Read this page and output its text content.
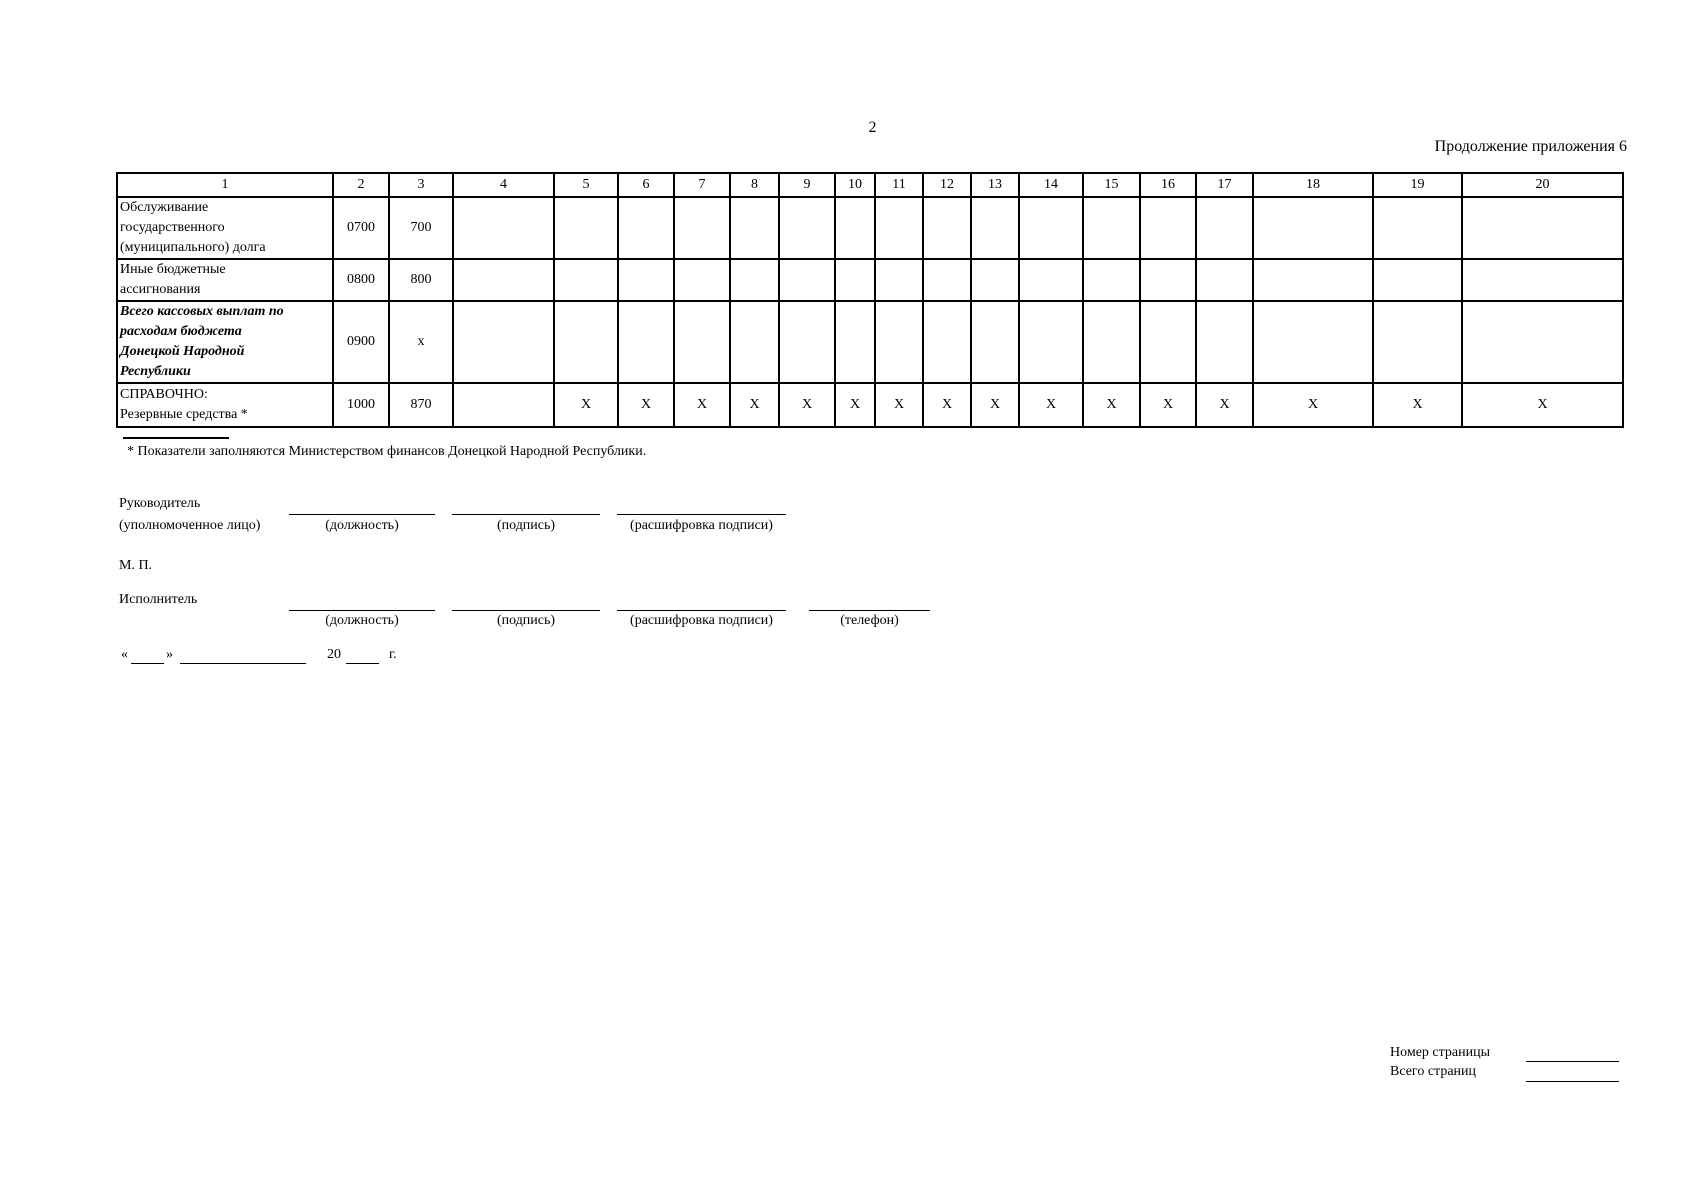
2
Продолжение приложения 6
1	2	3	4	5	6	7	8	9	10	11	12	13	14	15	16	17	18	19	20

Обслуживание
государственного
(муниципального) долга	0700	700																	

Иные бюджетные
ассигнования	0800	800																	

Всего кассовых выплат по
расходам бюджета
Донецкой Народной
Республики	0900	x																	

СПРАВОЧНО:
Резервные средства *	1000	870		X	X	X	X	X	X	X	X	X	X	X	X	X	X	X	X
* Показатели заполняются Министерством финансов Донецкой Народной Республики.
Руководитель
(уполномоченное лицо)	(должность)	(подпись)	(расшифровка подписи)
М. П.
Исполнитель
(должность)	(подпись)	(расшифровка подписи)	(телефон)
«	»	20	г.
Номер страницы
Всего страниц
